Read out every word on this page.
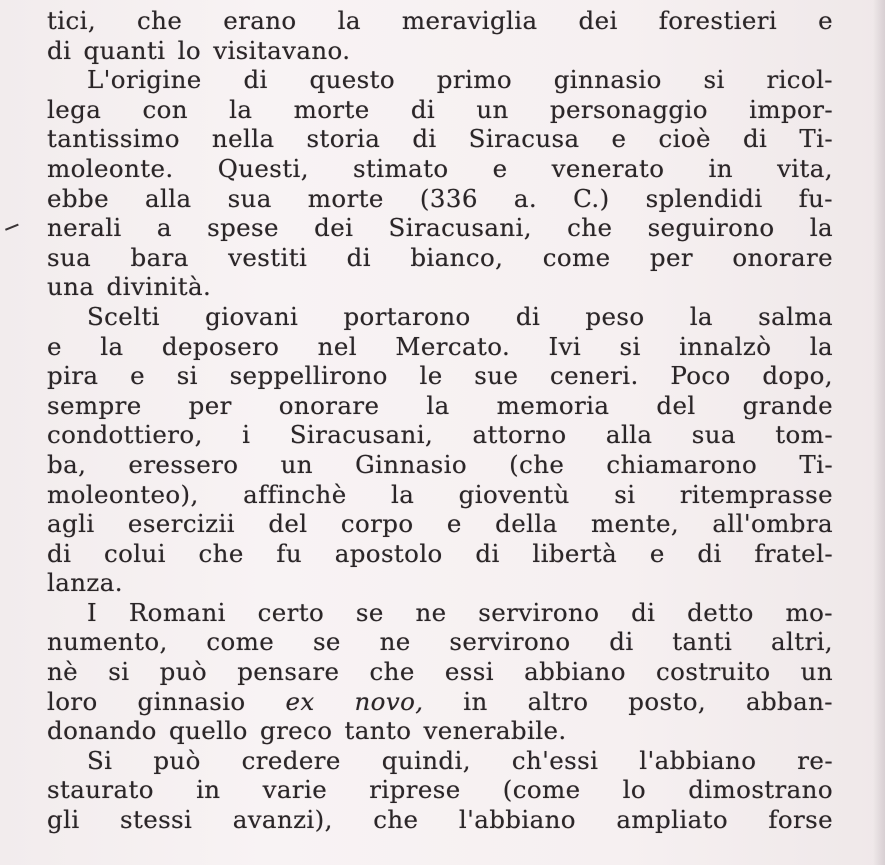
tici, che erano la meraviglia dei forestieri e
di quanti lo visitavano.

L'origine di questo primo ginnasio si ricol-
lega con la morte di un personaggio impor-
tantissimo nella storia di Siracusa e cioè di Ti-
moleonte. Questi, stimato e venerato in vita,
ebbe alla sua morte (336 a. C.) splendidi fu-
nerali a spese dei Siracusani, che seguirono la
sua bara vestiti di bianco, come per onorare
una divinità.

Scelti giovani portarono di peso la salma
e la deposero nel Mercato. Ivi si innalzò la
pira e si seppellirono le sue ceneri. Poco dopo,
sempre per onorare la memoria del grande
condottiero, i Siracusani, attorno alla sua tom-
ba, eressero un Ginnasio (che chiamarono Ti-
moleonteo), affinchè la gioventù si ritemprasse
agli esercizii del corpo e della mente, all'ombra
di colui che fu apostolo di libertà e di fratel-
lanza.

I Romani certo se ne servirono di detto mo-
numento, come se ne servirono di tanti altri,
nè si può pensare che essi abbiano costruito un
loro ginnasio ex novo, in altro posto, abban-
donando quello greco tanto venerabile.

Si può credere quindi, ch'essi l'abbiano re-
staurato in varie riprese (come lo dimostrano
gli stessi avanzi), che l'abbiano ampliato forse
